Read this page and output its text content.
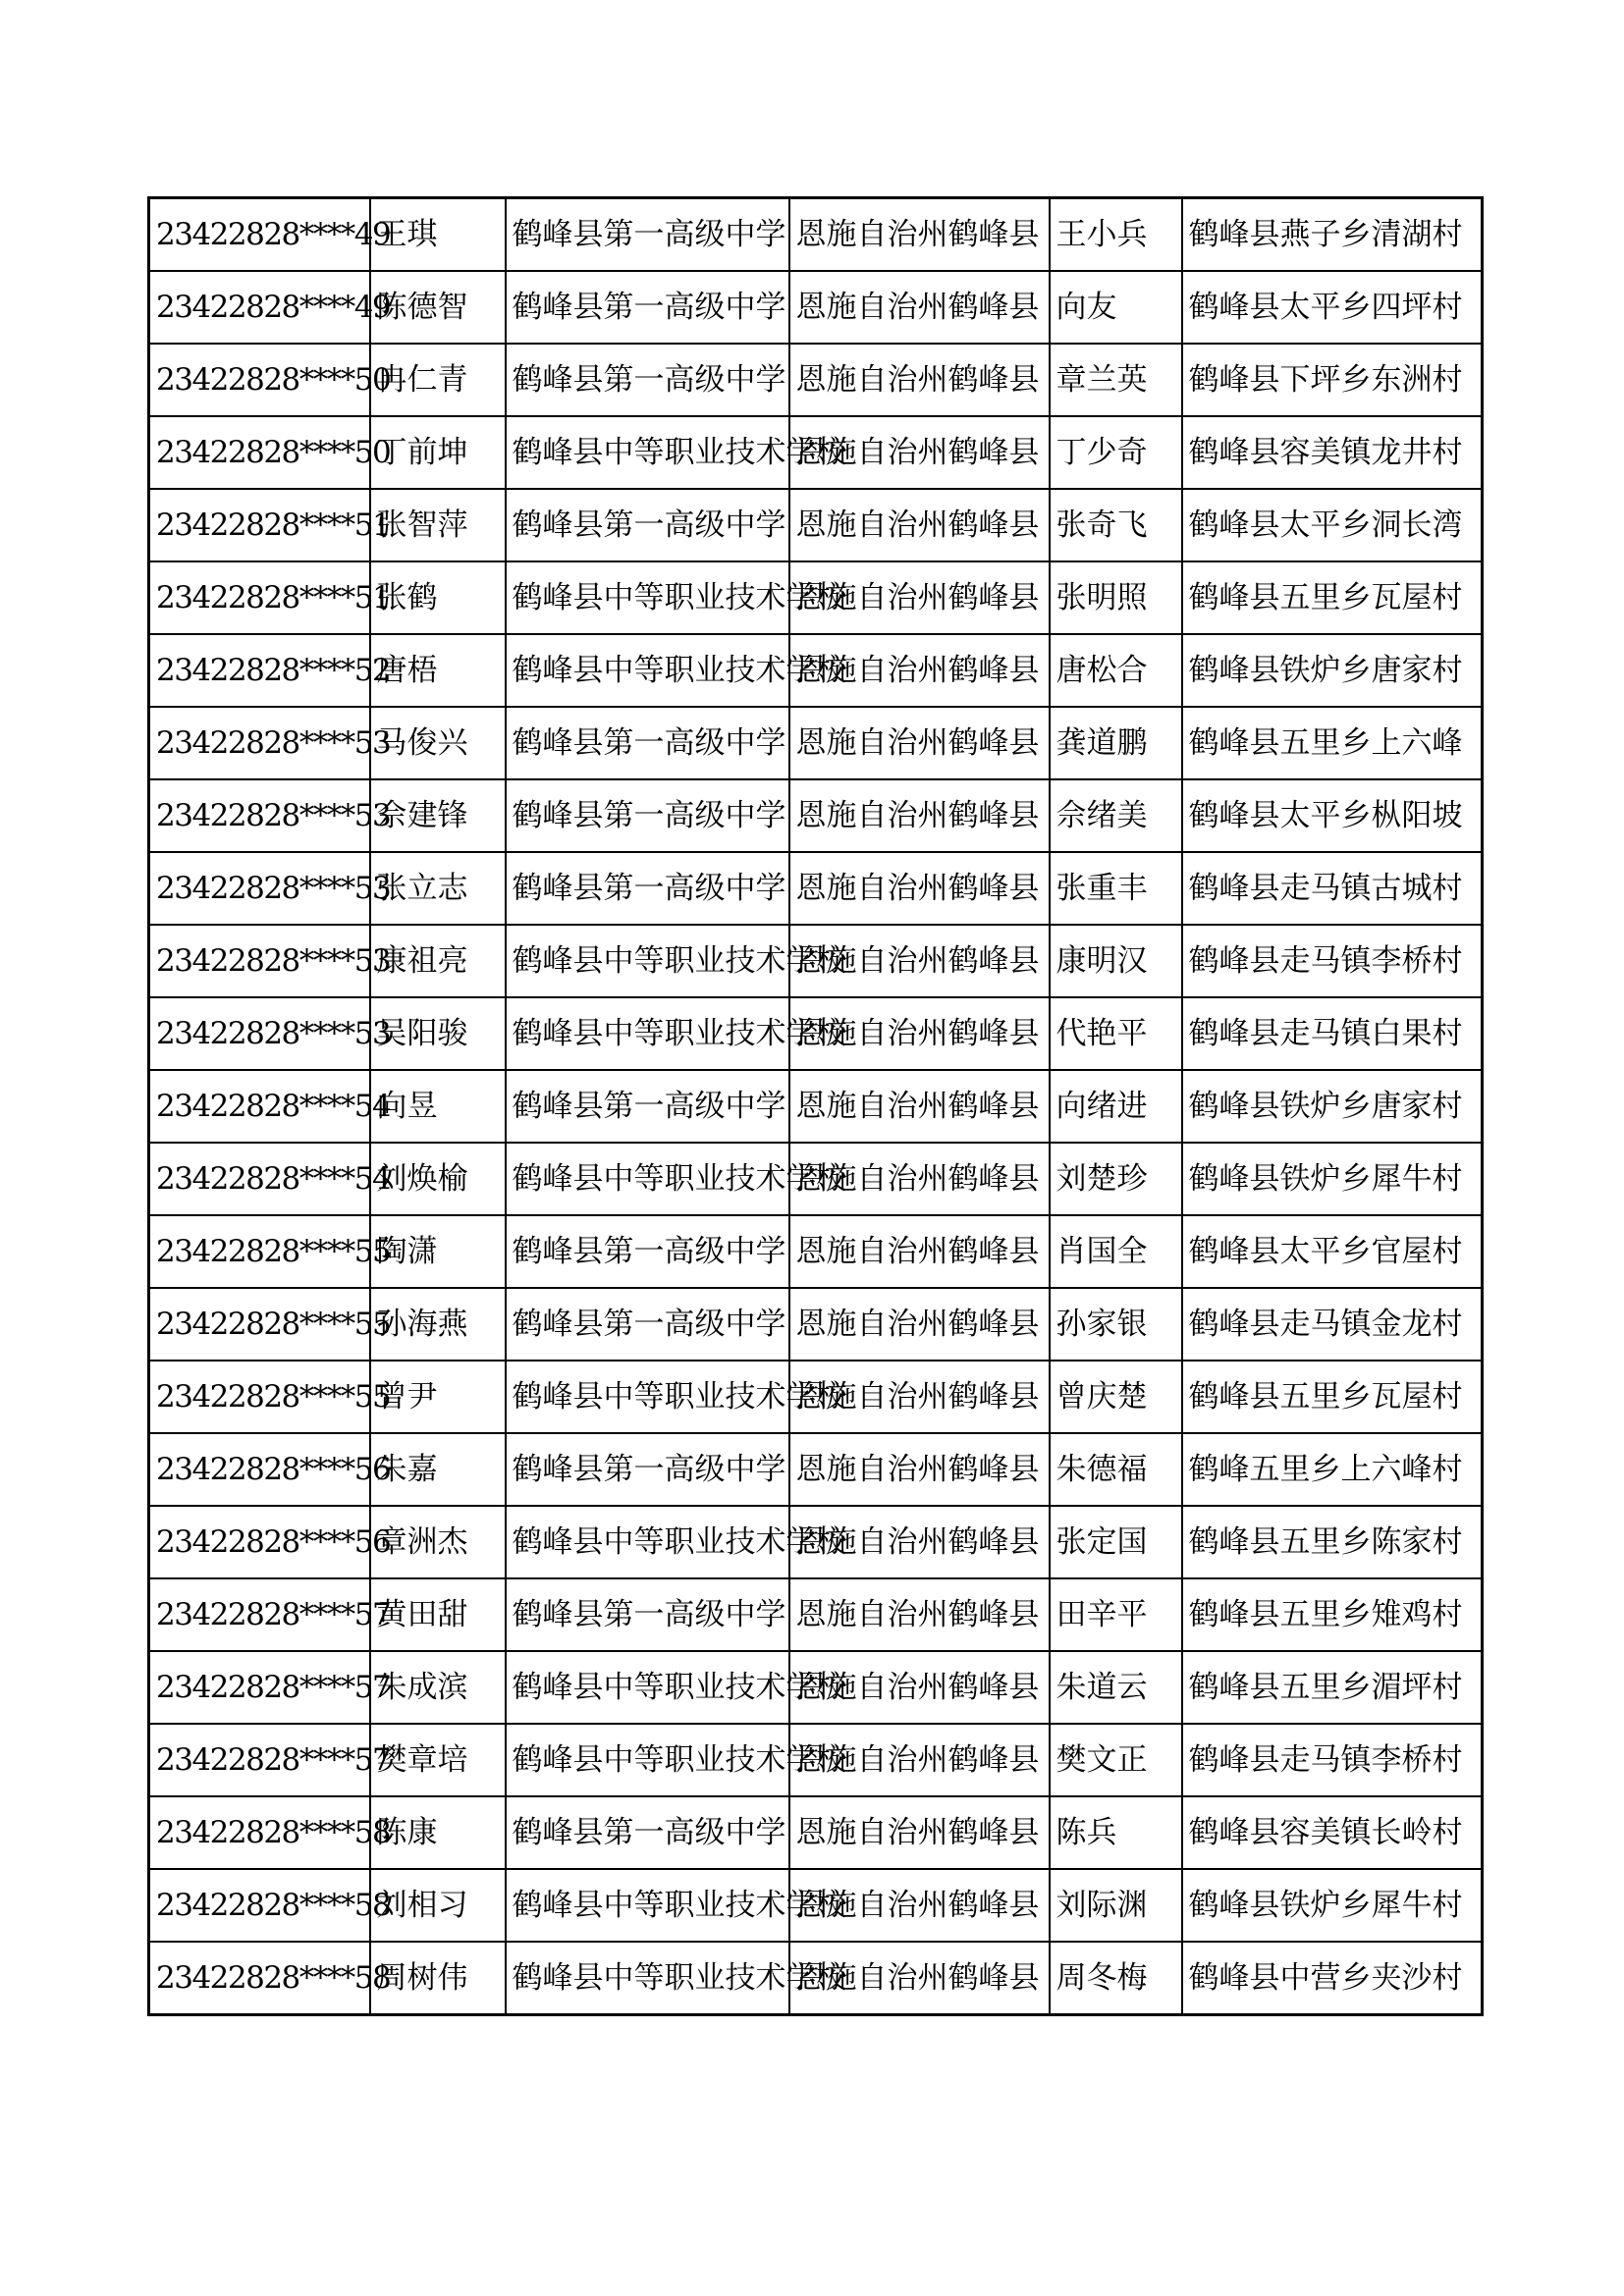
23422828****49	王琪	鹤峰县第一高级中学	恩施自治州鹤峰县	王小兵	鹤峰县燕子乡清湖村
23422828****49	陈德智	鹤峰县第一高级中学	恩施自治州鹤峰县	向友	鹤峰县太平乡四坪村
23422828****50	冉仁青	鹤峰县第一高级中学	恩施自治州鹤峰县	章兰英	鹤峰县下坪乡东洲村
23422828****50	丁前坤	鹤峰县中等职业技术学校	恩施自治州鹤峰县	丁少奇	鹤峰县容美镇龙井村
23422828****51	张智萍	鹤峰县第一高级中学	恩施自治州鹤峰县	张奇飞	鹤峰县太平乡洞长湾
23422828****51	张鹤	鹤峰县中等职业技术学校	恩施自治州鹤峰县	张明照	鹤峰县五里乡瓦屋村
23422828****52	唐梧	鹤峰县中等职业技术学校	恩施自治州鹤峰县	唐松合	鹤峰县铁炉乡唐家村
23422828****53	马俊兴	鹤峰县第一高级中学	恩施自治州鹤峰县	龚道鹏	鹤峰县五里乡上六峰
23422828****53	佘建锋	鹤峰县第一高级中学	恩施自治州鹤峰县	佘绪美	鹤峰县太平乡枞阳坡
23422828****53	张立志	鹤峰县第一高级中学	恩施自治州鹤峰县	张重丰	鹤峰县走马镇古城村
23422828****53	康祖亮	鹤峰县中等职业技术学校	恩施自治州鹤峰县	康明汉	鹤峰县走马镇李桥村
23422828****53	吴阳骏	鹤峰县中等职业技术学校	恩施自治州鹤峰县	代艳平	鹤峰县走马镇白果村
23422828****54	向昱	鹤峰县第一高级中学	恩施自治州鹤峰县	向绪进	鹤峰县铁炉乡唐家村
23422828****54	刘焕榆	鹤峰县中等职业技术学校	恩施自治州鹤峰县	刘楚珍	鹤峰县铁炉乡犀牛村
23422828****55	陶潇	鹤峰县第一高级中学	恩施自治州鹤峰县	肖国全	鹤峰县太平乡官屋村
23422828****55	孙海燕	鹤峰县第一高级中学	恩施自治州鹤峰县	孙家银	鹤峰县走马镇金龙村
23422828****55	曾尹	鹤峰县中等职业技术学校	恩施自治州鹤峰县	曾庆楚	鹤峰县五里乡瓦屋村
23422828****56	朱嘉	鹤峰县第一高级中学	恩施自治州鹤峰县	朱德福	鹤峰五里乡上六峰村
23422828****56	章洲杰	鹤峰县中等职业技术学校	恩施自治州鹤峰县	张定国	鹤峰县五里乡陈家村
23422828****57	黄田甜	鹤峰县第一高级中学	恩施自治州鹤峰县	田辛平	鹤峰县五里乡雉鸡村
23422828****57	朱成滨	鹤峰县中等职业技术学校	恩施自治州鹤峰县	朱道云	鹤峰县五里乡湄坪村
23422828****57	樊章培	鹤峰县中等职业技术学校	恩施自治州鹤峰县	樊文正	鹤峰县走马镇李桥村
23422828****58	陈康	鹤峰县第一高级中学	恩施自治州鹤峰县	陈兵	鹤峰县容美镇长岭村
23422828****58	刘相习	鹤峰县中等职业技术学校	恩施自治州鹤峰县	刘际渊	鹤峰县铁炉乡犀牛村
23422828****58	周树伟	鹤峰县中等职业技术学校	恩施自治州鹤峰县	周冬梅	鹤峰县中营乡夹沙村
